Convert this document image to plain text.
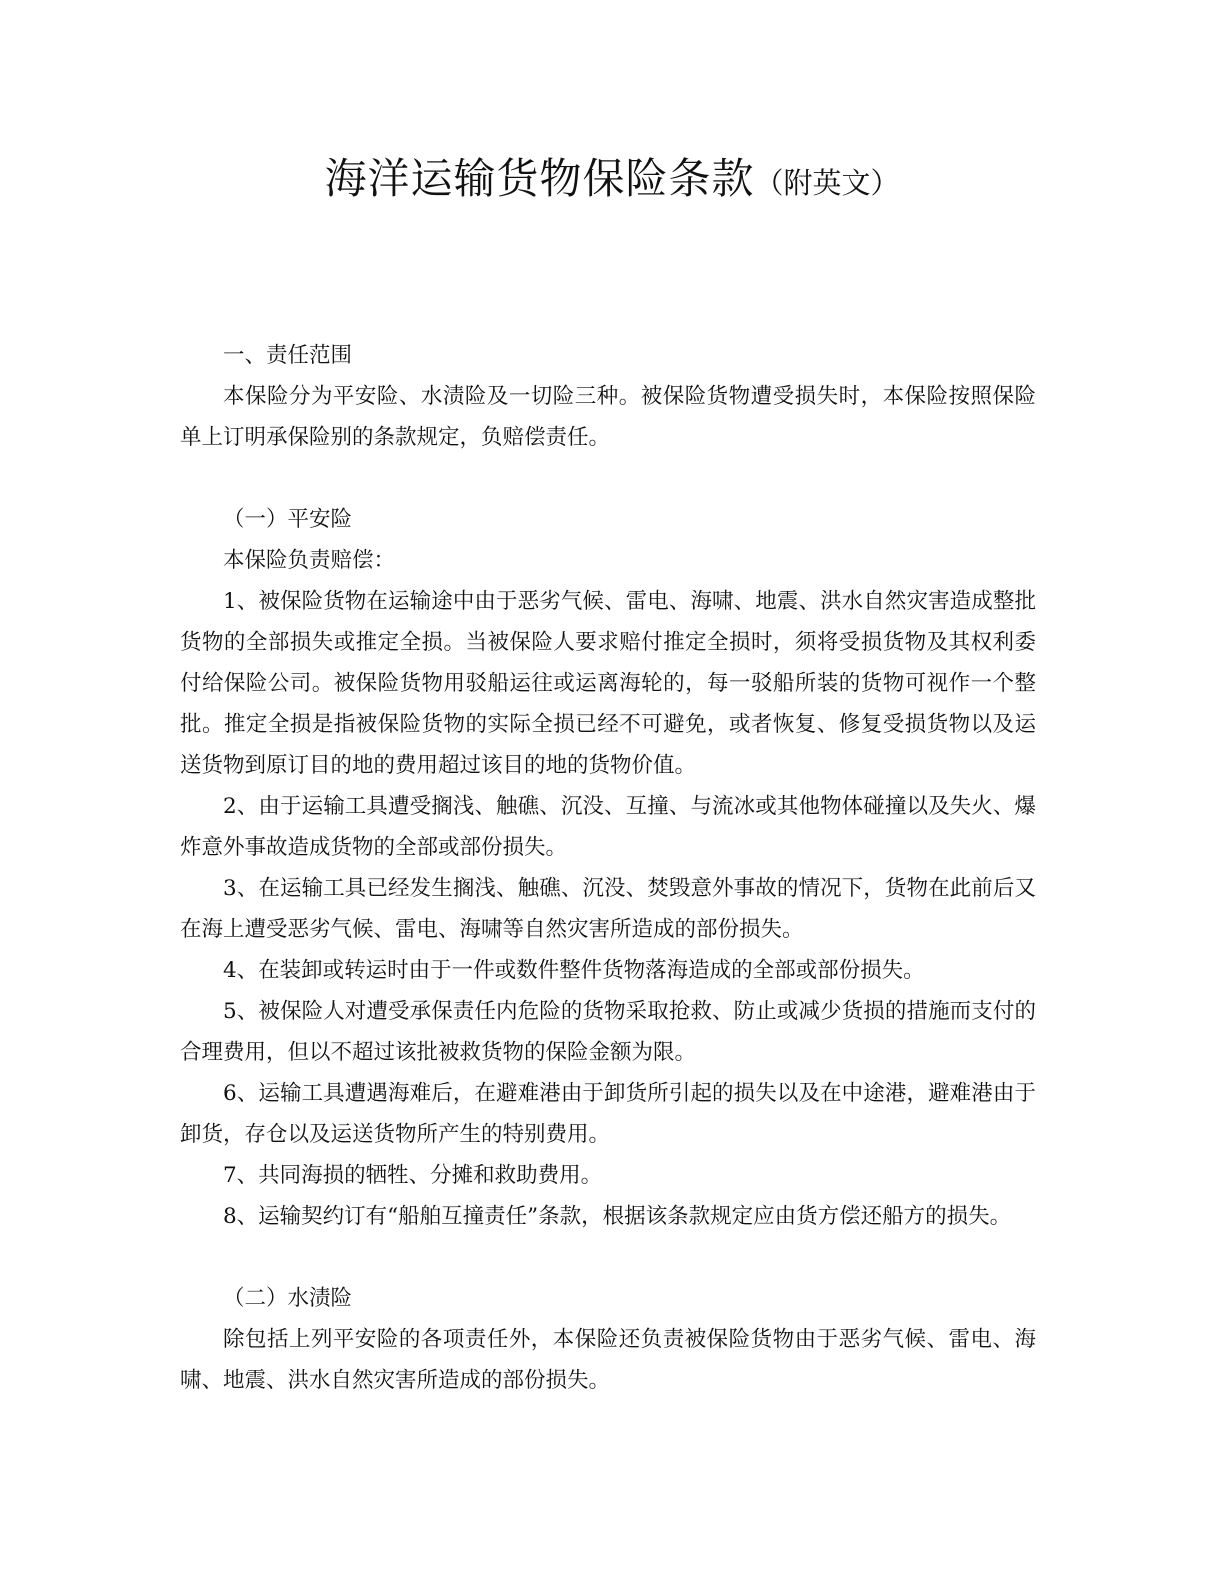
海洋运输货物保险条款（附英文）

一、责任范围

本保险分为平安险、水渍险及一切险三种。被保险货物遭受损失时，本保险按照保险单上订明承保险别的条款规定，负赔偿责任。

（一）平安险

本保险负责赔偿：

1、被保险货物在运输途中由于恶劣气候、雷电、海啸、地震、洪水自然灾害造成整批货物的全部损失或推定全损。当被保险人要求赔付推定全损时，须将受损货物及其权利委付给保险公司。被保险货物用驳船运往或运离海轮的，每一驳船所装的货物可视作一个整批。推定全损是指被保险货物的实际全损已经不可避免，或者恢复、修复受损货物以及运送货物到原订目的地的费用超过该目的地的货物价值。

2、由于运输工具遭受搁浅、触礁、沉没、互撞、与流冰或其他物体碰撞以及失火、爆炸意外事故造成货物的全部或部份损失。

3、在运输工具已经发生搁浅、触礁、沉没、焚毁意外事故的情况下，货物在此前后又在海上遭受恶劣气候、雷电、海啸等自然灾害所造成的部份损失。

4、在装卸或转运时由于一件或数件整件货物落海造成的全部或部份损失。

5、被保险人对遭受承保责任内危险的货物采取抢救、防止或减少货损的措施而支付的合理费用，但以不超过该批被救货物的保险金额为限。

6、运输工具遭遇海难后，在避难港由于卸货所引起的损失以及在中途港，避难港由于卸货，存仓以及运送货物所产生的特别费用。

7、共同海损的牺牲、分摊和救助费用。

8、运输契约订有“船舶互撞责任”条款，根据该条款规定应由货方偿还船方的损失。

（二）水渍险

除包括上列平安险的各项责任外，本保险还负责被保险货物由于恶劣气候、雷电、海啸、地震、洪水自然灾害所造成的部份损失。
